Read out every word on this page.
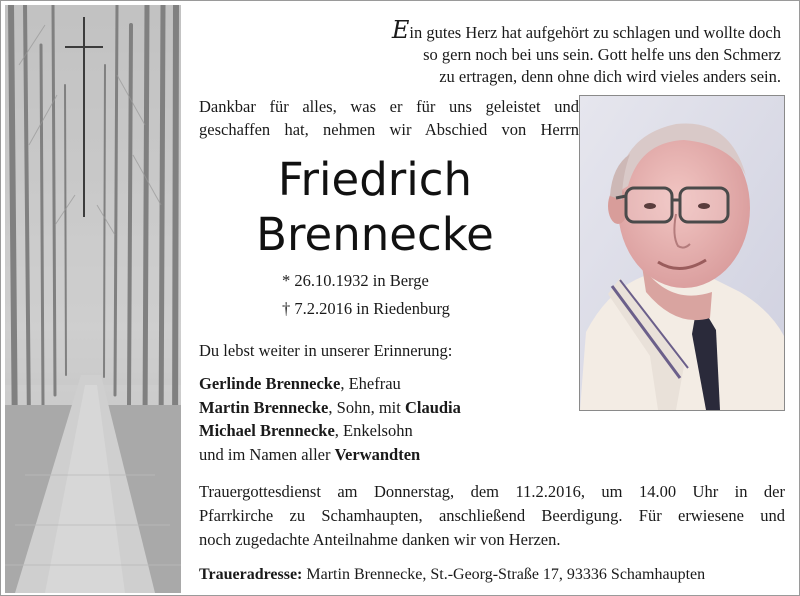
Ein gutes Herz hat aufgehört zu schlagen und wollte doch
so gern noch bei uns sein. Gott helfe uns den Schmerz
zu ertragen, denn ohne dich wird vieles anders sein.
Dankbar für alles, was er für uns geleistet und
geschaffen hat, nehmen wir Abschied von Herrn
Friedrich
Brennecke
* 26.10.1932 in Berge
† 7.2.2016 in Riedenburg
Du lebst weiter in unserer Erinnerung:
Gerlinde Brennecke, Ehefrau
Martin Brennecke, Sohn, mit Claudia
Michael Brennecke, Enkelsohn
und im Namen aller Verwandten
Trauergottesdienst am Donnerstag, dem 11.2.2016, um 14.00 Uhr in der
Pfarrkirche zu Schamhaupten, anschließend Beerdigung. Für erwiesene und
noch zugedachte Anteilnahme danken wir von Herzen.
Traueradresse: Martin Brennecke, St.-Georg-Straße 17, 93336 Schamhaupten
